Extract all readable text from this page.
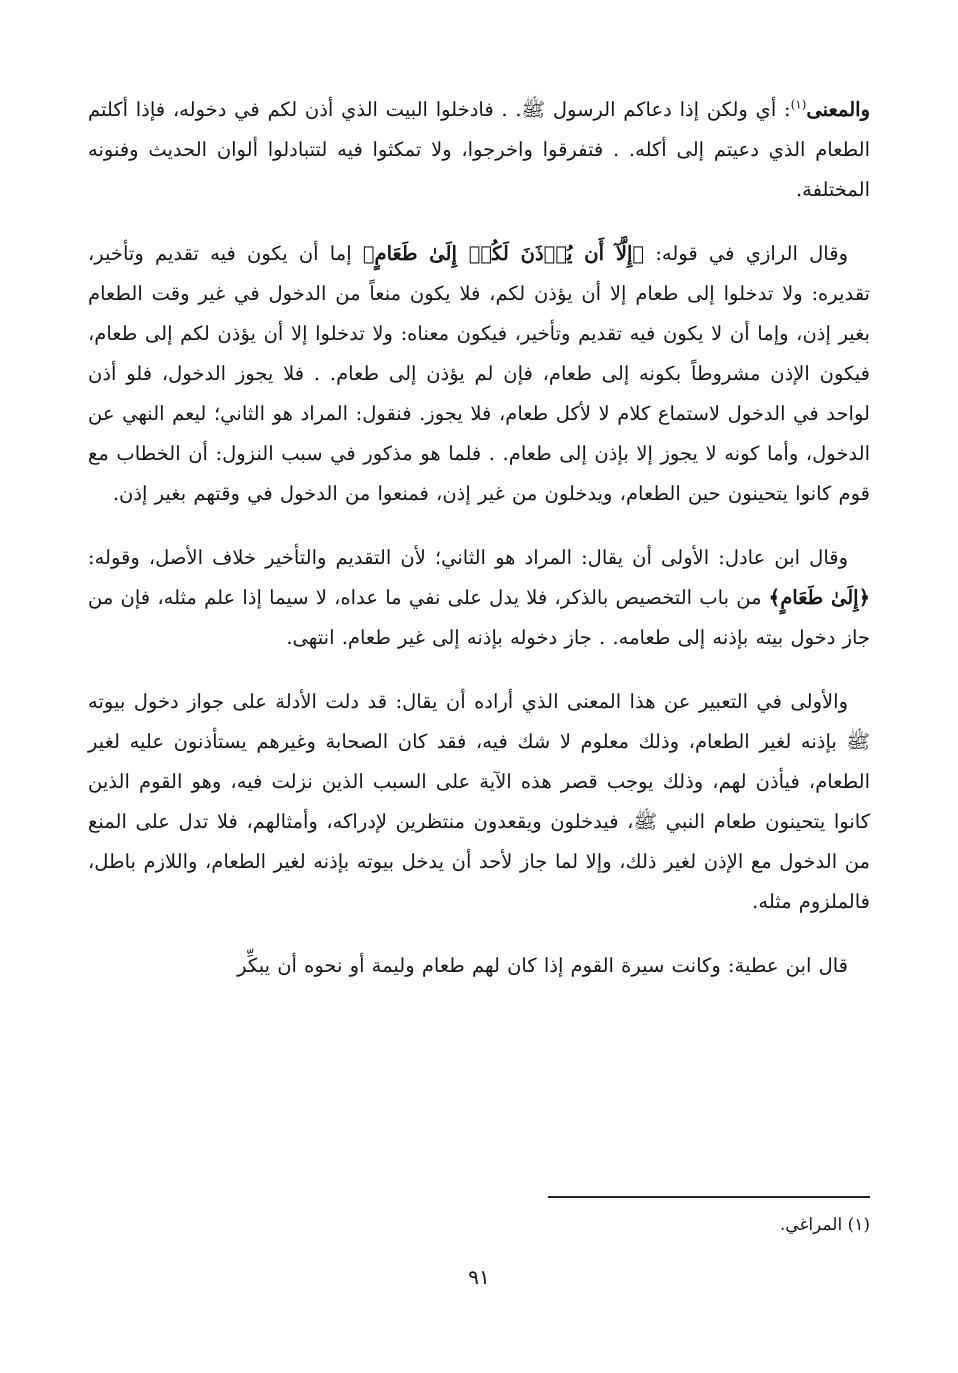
والمعنى$^{(١)}$: أي ولكن إذا دعاكم الرسول ﷺ. . فادخلوا البيت الذي أذن لكم في دخوله، فإذا أكلتم الطعام الذي دعيتم إلى أكله. . فتفرقوا واخرجوا، ولا تمكثوا فيه لتتبادلوا ألوان الحديث وفنونه المختلفة.

وقال الرازي في قوله: ﴿إِلَّآ أَن يُؤۡذَنَ لَكُمۡ إِلَىٰ طَعَامٍ﴾ إما أن يكون فيه تقديم وتأخير، تقديره: ولا تدخلوا إلى طعام إلا أن يؤذن لكم، فلا يكون منعاً من الدخول في غير وقت الطعام بغير إذن، وإما أن لا يكون فيه تقديم وتأخير، فيكون معناه: ولا تدخلوا إلا أن يؤذن لكم إلى طعام، فيكون الإذن مشروطاً بكونه إلى طعام، فإن لم يؤذن إلى طعام. . فلا يجوز الدخول، فلو أذن لواحد في الدخول لاستماع كلام لا لأكل طعام، فلا يجوز. فنقول: المراد هو الثاني؛ ليعم النهي عن الدخول، وأما كونه لا يجوز إلا بإذن إلى طعام. . فلما هو مذكور في سبب النزول: أن الخطاب مع قوم كانوا يتحينون حين الطعام، ويدخلون من غير إذن، فمنعوا من الدخول في وقتهم بغير إذن.

وقال ابن عادل: الأولى أن يقال: المراد هو الثاني؛ لأن التقديم والتأخير خلاف الأصل، وقوله: ﴿إِلَىٰ طَعَامٍ﴾ من باب التخصيص بالذكر، فلا يدل على نفي ما عداه، لا سيما إذا علم مثله، فإن من جاز دخول بيته بإذنه إلى طعامه. . جاز دخوله بإذنه إلى غير طعام. انتهى.

والأولى في التعبير عن هذا المعنى الذي أراده أن يقال: قد دلت الأدلة على جواز دخول بيوته ﷺ بإذنه لغير الطعام، وذلك معلوم لا شك فيه، فقد كان الصحابة وغيرهم يستأذنون عليه لغير الطعام، فيأذن لهم، وذلك يوجب قصر هذه الآية على السبب الذين نزلت فيه، وهو القوم الذين كانوا يتحينون طعام النبي ﷺ، فيدخلون ويقعدون منتظرين لإدراكه، وأمثالهم، فلا تدل على المنع من الدخول مع الإذن لغير ذلك، وإلا لما جاز لأحد أن يدخل بيوته بإذنه لغير الطعام، واللازم باطل، فالملزوم مثله.

قال ابن عطية: وكانت سيرة القوم إذا كان لهم طعام وليمة أو نحوه أن يبكِّر

(١) المراغي.
٩١
